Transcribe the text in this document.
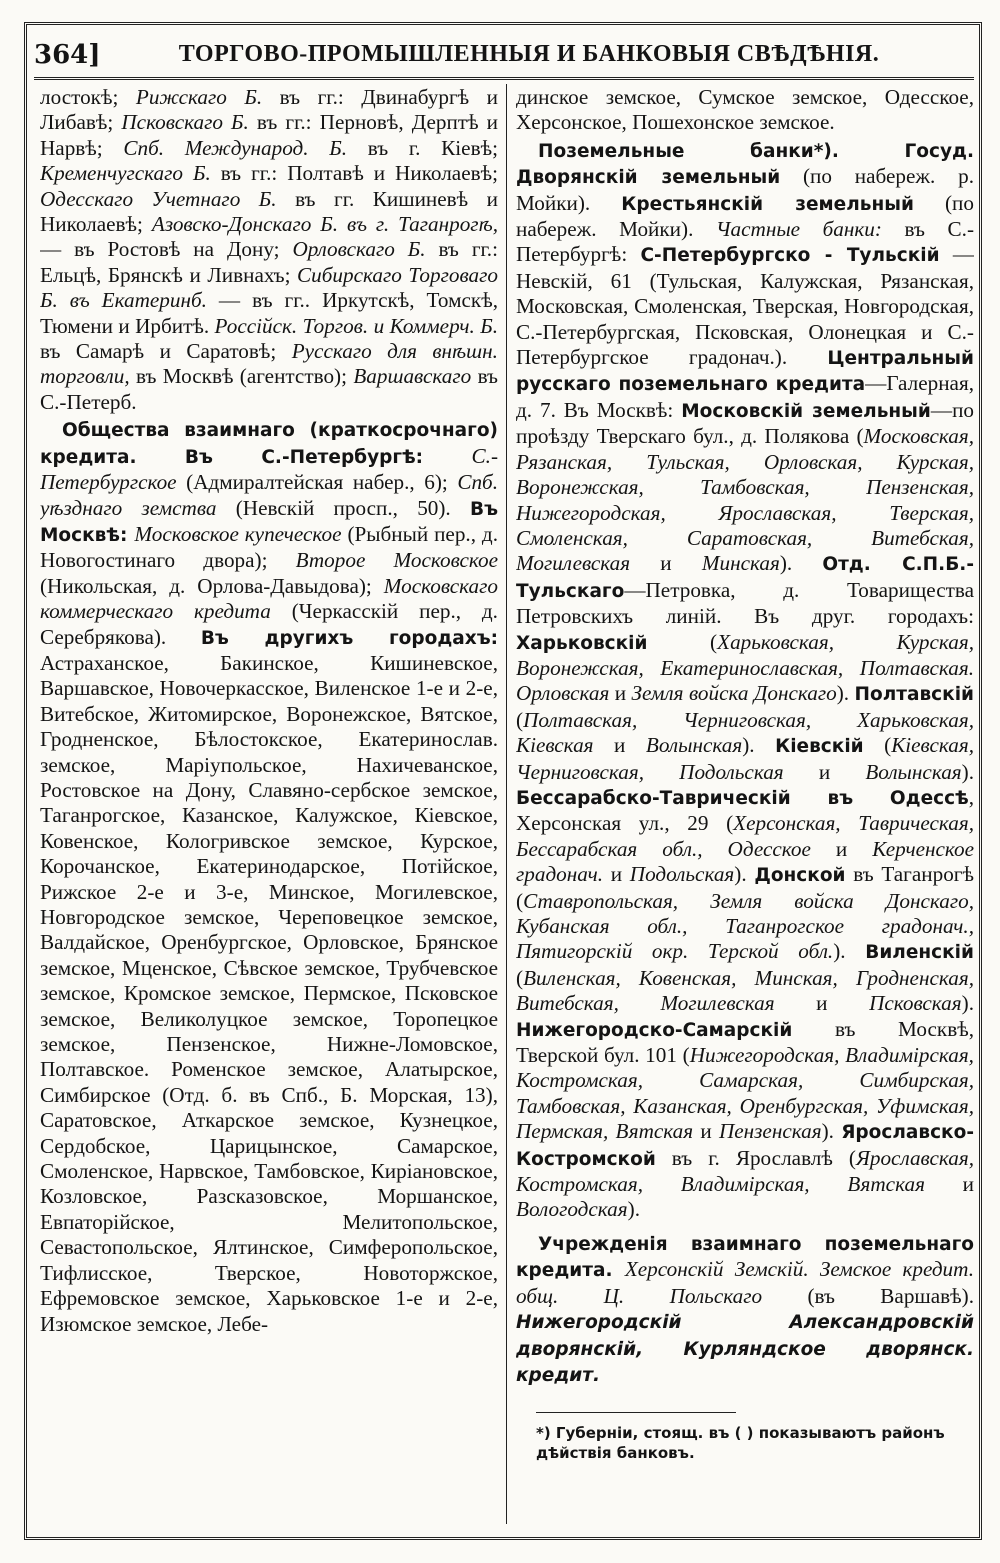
364]	ТОРГОВО-ПРОМЫШЛЕННЫЯ И БАНКОВЫЯ СВѢДѢНІЯ.

лостокѣ; Рижскаго Б. въ гг.: Двинабургѣ и Либавѣ; Псковскаго Б. въ гг.: Перновѣ, Дерптѣ и Нарвѣ; Спб. Международ. Б. въ г. Кіевѣ; Кременчугскаго Б. въ гг.: Полтавѣ и Николаевѣ; Одесскаго Учетнаго Б. въ гг. Кишиневѣ и Николаевѣ; Азовско-Донскаго Б. въ г. Таганрогѣ,— въ Ростовѣ на Дону; Орловскаго Б. въ гг.: Ельцѣ, Брянскѣ и Ливнахъ; Сибирскаго Торговаго Б. въ Екатеринб. — въ гг.. Иркутскѣ, Томскѣ, Тюмени и Ирбитѣ. Россійск. Торгов. и Коммерч. Б. въ Самарѣ и Саратовѣ; Русскаго для внѣшн. торговли, въ Москвѣ (агентство); Варшавскаго въ С.-Петерб.

Общества взаимнаго (краткосрочнаго) кредита. Въ С.-Петербургѣ: С.-Петербургское (Адмиралтейская набер., 6); Спб. уѣзднаго земства (Невскій просп., 50). Въ Москвѣ: Московское купеческое (Рыбный пер., д. Новогостинаго двора); Второе Московское (Никольская, д. Орлова-Давыдова); Московскаго коммерческаго кредита (Черкасскій пер., д. Серебрякова). Въ другихъ городахъ: Астраханское, Бакинское, Кишиневское, Варшавское, Новочеркасское, Виленское 1-е и 2-е, Витебское, Житомирское, Воронежское, Вятское, Гродненское, Бѣлостокское, Екатеринослав. земское, Маріупольское, Нахичеванское, Ростовское на Дону, Славяно-сербское земское, Таганрогское, Казанское, Калужское, Кіевское, Ковенское, Кологривское земское, Курское, Корочанское, Екатеринодарское, Потійское, Рижское 2-е и 3-е, Минское, Могилевское, Новгородское земское, Череповецкое земское, Валдайское, Оренбургское, Орловское, Брянское земское, Мценское, Сѣвское земское, Трубчевское земское, Кромское земское, Пермское, Псковское земское, Великолуцкое земское, Торопецкое земское, Пензенское, Нижне-Ломовское, Полтавское. Роменское земское, Алатырское, Симбирское (Отд. б. въ Спб., Б. Морская, 13), Саратовское, Аткарское земское, Кузнецкое, Сердобское, Царицынское, Самарское, Смоленское, Нарвское, Тамбовское, Киріановское, Козловское, Разсказовское, Моршанское, Евпаторійское, Мелитопольское, Севастопольское, Ялтинское, Симферопольское, Тифлисское, Тверское, Новоторжское, Ефремовское земское, Харьковское 1-е и 2-е, Изюмское земское, Лебе-

динское земское, Сумское земское, Одесское, Херсонское, Пошехонское земское.

Поземельные банки*). Госуд. Дворянскій земельный (по набереж. р. Мойки). Крестьянскій земельный (по набереж. Мойки). Частные банки: въ С.-Петербургѣ: С-Петербургско - Тульскій — Невскій, 61 (Тульская, Калужская, Рязанская, Московская, Смоленская, Тверская, Новгородская, С.-Петербургская, Псковская, Олонецкая и С.-Петербургское градонач.). Центральный русскаго поземельнаго кредита—Галерная, д. 7. Въ Москвѣ: Московскій земельный—по проѣзду Тверскаго бул., д. Полякова (Московская, Рязанская, Тульская, Орловская, Курская, Воронежская, Тамбовская, Пензенская, Нижегородская, Ярославская, Тверская, Смоленская, Саратовская, Витебская, Могилевская и Минская). Отд. С.П.Б.-Тульскаго—Петровка, д. Товарищества Петровскихъ линій. Въ друг. городахъ: Харьковскій (Харьковская, Курская, Воронежская, Екатеринославская, Полтавская. Орловская и Земля войска Донскаго). Полтавскій (Полтавская, Черниговская, Харьковская, Кіевская и Волынская). Кіевскій (Кіевская, Черниговская, Подольская и Волынская). Бессарабско-Таврическій въ Одессѣ, Херсонская ул., 29 (Херсонская, Таврическая, Бессарабская обл., Одесское и Керченское градонач. и Подольская). Донской въ Таганрогѣ (Ставропольская, Земля войска Донскаго, Кубанская обл., Таганрогское градонач., Пятигорскій окр. Терской обл.). Виленскій (Виленская, Ковенская, Минская, Гродненская, Витебская, Могилевская и Псковская). Нижегородско-Самарскій въ Москвѣ, Тверской бул. 101 (Нижегородская, Владимірская, Костромская, Самарская, Симбирская, Тамбовская, Казанская, Оренбургская, Уфимская, Пермская, Вятская и Пензенская). Ярославско-Костромской въ г. Ярославлѣ (Ярославская, Костромская, Владимірская, Вятская и Вологодская).

Учрежденія взаимнаго поземельнаго кредита. Херсонскій Земскій. Земское кредит. общ. Ц. Польскаго (въ Варшавѣ). Нижегородскій Александровскій дворянскій, Курляндское дворянск. кредит.

*) Губерніи, стоящ. въ ( ) показываютъ районъ дѣйствія банковъ.
